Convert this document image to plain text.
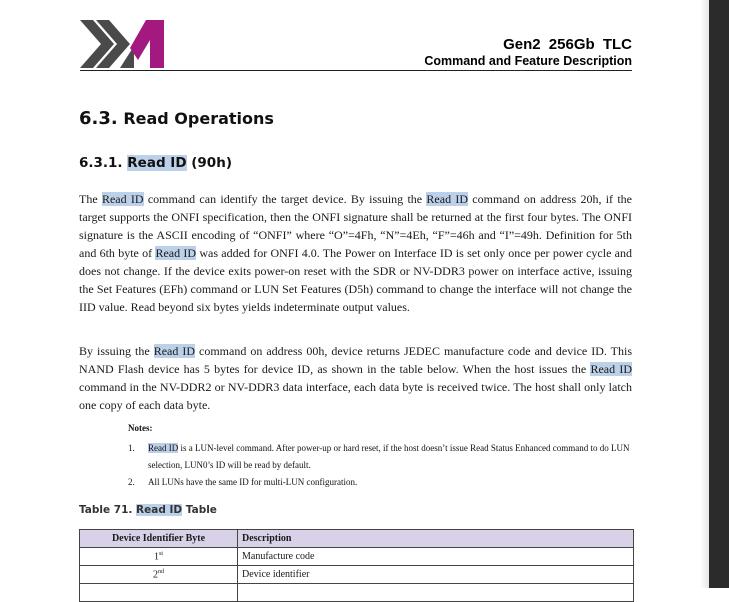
Gen2 256Gb TLC
Command and Feature Description
6.3. Read Operations
6.3.1. Read ID (90h)
The Read ID command can identify the target device. By issuing the Read ID command on address 20h, if the target supports the ONFI specification, then the ONFI signature shall be returned at the first four bytes. The ONFI signature is the ASCII encoding of “ONFI” where “O”=4Fh, “N”=4Eh, “F”=46h and “I”=49h. Definition for 5th and 6th byte of Read ID was added for ONFI 4.0. The Power on Interface ID is set only once per power cycle and does not change. If the device exits power-on reset with the SDR or NV-DDR3 power on interface active, issuing the Set Features (EFh) command or LUN Set Features (D5h) command to change the interface will not change the IID value. Read beyond six bytes yields indeterminate output values.
By issuing the Read ID command on address 00h, device returns JEDEC manufacture code and device ID. This NAND Flash device has 5 bytes for device ID, as shown in the table below. When the host issues the Read ID command in the NV-DDR2 or NV-DDR3 data interface, each data byte is received twice. The host shall only latch one copy of each data byte.
Notes:
1.	Read ID is a LUN-level command. After power-up or hard reset, if the host doesn’t issue Read Status Enhanced command to do LUN selection, LUN0’s ID will be read by default.
2.	All LUNs have the same ID for multi-LUN configuration.
Table 71. Read ID Table
Device Identifier Byte	Description
1st	Manufacture code
2nd	Device identifier
